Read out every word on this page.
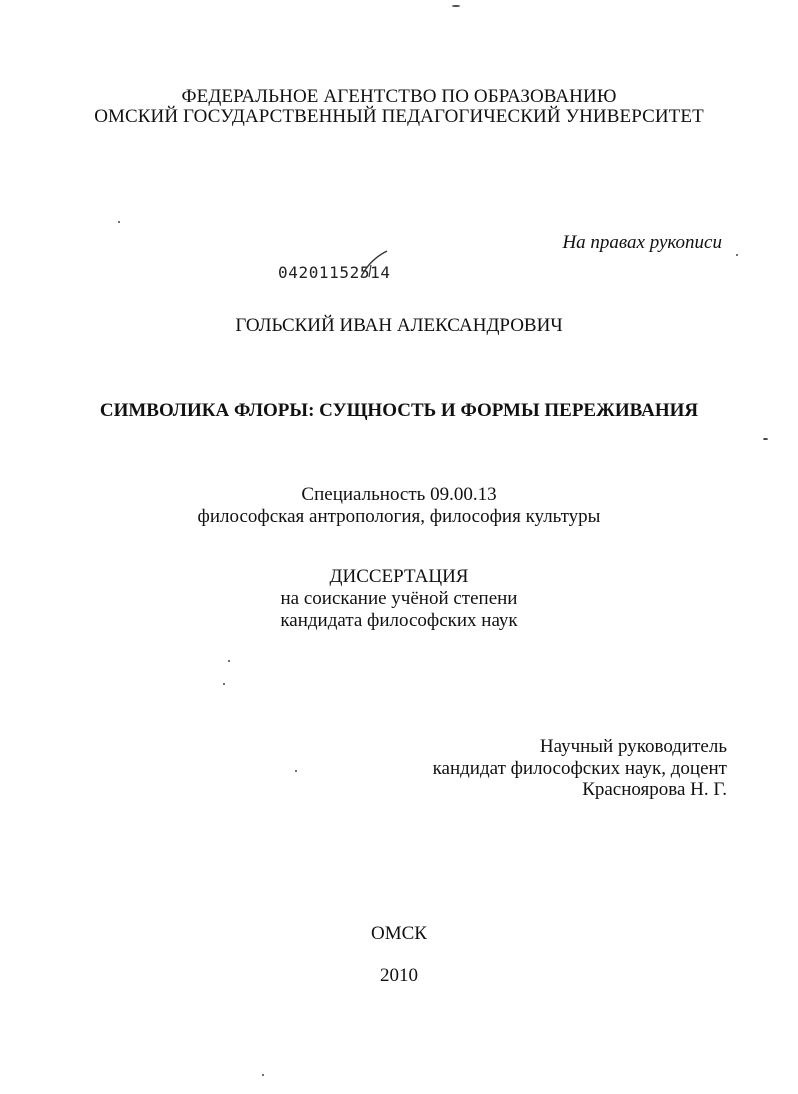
ФЕДЕРАЛЬНОЕ АГЕНТСТВО ПО ОБРАЗОВАНИЮ
ОМСКИЙ ГОСУДАРСТВЕННЫЙ ПЕДАГОГИЧЕСКИЙ УНИВЕРСИТЕТ
На правах рукописи
04201152514
ГОЛЬСКИЙ ИВАН АЛЕКСАНДРОВИЧ
СИМВОЛИКА ФЛОРЫ: СУЩНОСТЬ И ФОРМЫ ПЕРЕЖИВАНИЯ
Специальность 09.00.13
философская антропология, философия культуры
ДИССЕРТАЦИЯ
на соискание учёной степени
кандидата философских наук
Научный руководитель
кандидат философских наук, доцент
Красноярова Н. Г.
ОМСК
2010
